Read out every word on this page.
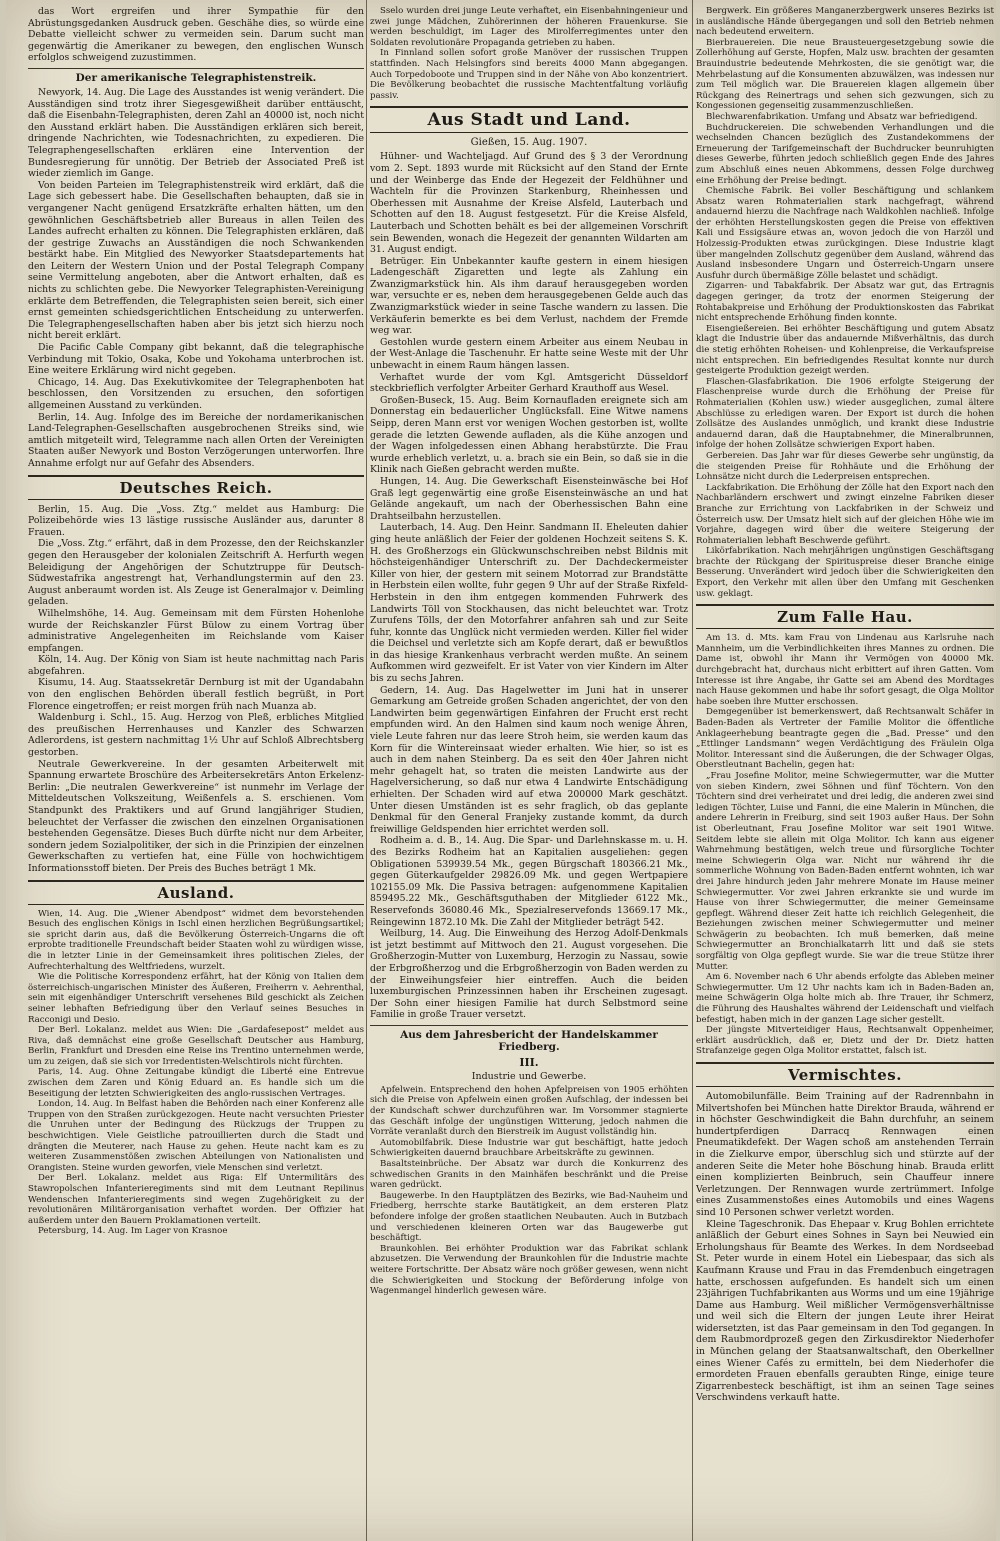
das Wort ergreifen und ihrer Sympathie für den Abrüstungsgedanken Ausdruck geben. Geschähe dies, so würde eine Debatte vielleicht schwer zu vermeiden sein. Darum sucht man gegenwärtig die Amerikaner zu bewegen, den englischen Wunsch erfolglos schweigend zuzustimmen.

Der amerikanische Telegraphistenstreik.

Newyork, 14. Aug. Die Lage des Ausstandes ist wenig verändert. Die Ausständigen sind trotz ihrer Siegesgewißheit darüber enttäuscht, daß die Eisenbahn-Telegraphisten, deren Zahl an 40000 ist, noch nicht den Ausstand erklärt haben. Die Ausständigen erklären sich bereit, dringende Nachrichten, wie Todesnachrichten, zu expedieren. Die Telegraphengesellschaften erklären eine Intervention der Bundesregierung für unnötig. Der Betrieb der Associated Preß ist wieder ziemlich im Gange.

Von beiden Parteien im Telegraphistenstreik wird erklärt, daß die Lage sich gebessert habe. Die Gesellschaften behaupten, daß sie in vergangener Nacht genügend Ersatzkräfte erhalten hätten, um den gewöhnlichen Geschäftsbetrieb aller Bureaus in allen Teilen des Landes aufrecht erhalten zu können. Die Telegraphisten erklären, daß der gestrige Zuwachs an Ausständigen die noch Schwankenden bestärkt habe. Ein Mitglied des Newyorker Staatsdepartements hat den Leitern der Western Union und der Postal Telegraph Company seine Vermittelung angeboten, aber die Antwort erhalten, daß es nichts zu schlichten gebe. Die Newyorker Telegraphisten-Vereinigung erklärte dem Betreffenden, die Telegraphisten seien bereit, sich einer ernst gemeinten schiedsgerichtlichen Entscheidung zu unterwerfen. Die Telegraphengesellschaften haben aber bis jetzt sich hierzu noch nicht bereit erklärt.

Die Pacific Cable Company gibt bekannt, daß die telegraphische Verbindung mit Tokio, Osaka, Kobe und Yokohama unterbrochen ist. Eine weitere Erklärung wird nicht gegeben.

Chicago, 14. Aug. Das Exekutivkomitee der Telegraphenboten hat beschlossen, den Vorsitzenden zu ersuchen, den sofortigen allgemeinen Ausstand zu verkünden.

Berlin, 14. Aug. Infolge des im Bereiche der nordamerikanischen Land-Telegraphen-Gesellschaften ausgebrochenen Streiks sind, wie amtlich mitgeteilt wird, Telegramme nach allen Orten der Vereinigten Staaten außer Newyork und Boston Verzögerungen unterworfen. Ihre Annahme erfolgt nur auf Gefahr des Absenders.

Deutsches Reich.

Berlin, 15. Aug. Die „Voss. Ztg.“ meldet aus Hamburg: Die Polizeibehörde wies 13 lästige russische Ausländer aus, darunter 8 Frauen.

Die „Voss. Ztg.“ erfährt, daß in dem Prozesse, den der Reichskanzler gegen den Herausgeber der kolonialen Zeitschrift A. Herfurth wegen Beleidigung der Angehörigen der Schutztruppe für Deutsch-Südwestafrika angestrengt hat, Verhandlungstermin auf den 23. August anberaumt worden ist. Als Zeuge ist Generalmajor v. Deimling geladen.

Wilhelmshöhe, 14. Aug. Gemeinsam mit dem Fürsten Hohenlohe wurde der Reichskanzler Fürst Bülow zu einem Vortrag über administrative Angelegenheiten im Reichslande vom Kaiser empfangen.

Köln, 14. Aug. Der König von Siam ist heute nachmittag nach Paris abgefahren.

Kisumu, 14. Aug. Staatssekretär Dernburg ist mit der Ugandabahn von den englischen Behörden überall festlich begrüßt, in Port Florence eingetroffen; er reist morgen früh nach Muanza ab.

Waldenburg i. Schl., 15. Aug. Herzog von Pleß, erbliches Mitglied des preußischen Herrenhauses und Kanzler des Schwarzen Adlerordens, ist gestern nachmittag 1½ Uhr auf Schloß Albrechtsberg gestorben.

Neutrale Gewerkvereine. In der gesamten Arbeiterwelt mit Spannung erwartete Broschüre des Arbeitersekretärs Anton Erkelenz-Berlin: „Die neutralen Gewerkvereine“ ist nunmehr im Verlage der Mitteldeutschen Volkszeitung, Weißenfels a. S. erschienen. Vom Standpunkt des Praktikers und auf Grund langjähriger Studien, beleuchtet der Verfasser die zwischen den einzelnen Organisationen bestehenden Gegensätze. Dieses Buch dürfte nicht nur dem Arbeiter, sondern jedem Sozialpolitiker, der sich in die Prinzipien der einzelnen Gewerkschaften zu vertiefen hat, eine Fülle von hochwichtigem Informationsstoff bieten. Der Preis des Buches beträgt 1 Mk.

Ausland.

Wien, 14. Aug. Die „Wiener Abendpost“ widmet dem bevorstehenden Besuch des englischen Königs in Ischl einen herzlichen Begrüßungsartikel; sie spricht darin aus, daß die Bevölkerung Österreich-Ungarns die oft erprobte traditionelle Freundschaft beider Staaten wohl zu würdigen wisse, die in letzter Linie in der Gemeinsamkeit ihres politischen Zieles, der Aufrechterhaltung des Weltfriedens, wurzelt.

Wie die Politische Korrespondenz erfährt, hat der König von Italien dem österreichisch-ungarischen Minister des Äußeren, Freiherrn v. Aehrenthal, sein mit eigenhändiger Unterschrift versehenes Bild geschickt als Zeichen seiner lebhaften Befriedigung über den Verlauf seines Besuches in Racconigi und Desio.

Der Berl. Lokalanz. meldet aus Wien: Die „Gardafesepost“ meldet aus Riva, daß demnächst eine große Gesellschaft Deutscher aus Hamburg, Berlin, Frankfurt und Dresden eine Reise ins Trentino unternehmen werde, um zu zeigen, daß sie sich vor Irredentisten-Welschtirols nicht fürchten.

Paris, 14. Aug. Ohne Zeitungabe kündigt die Liberté eine Entrevue zwischen dem Zaren und König Eduard an. Es handle sich um die Beseitigung der letzten Schwierigkeiten des anglo-russischen Vertrages.

London, 14. Aug. In Belfast haben die Behörden nach einer Konferenz alle Truppen von den Straßen zurückgezogen. Heute nacht versuchten Priester die Unruhen unter der Bedingung des Rückzugs der Truppen zu beschwichtigen. Viele Geistliche patrouillierten durch die Stadt und drängten die Meuterer, nach Hause zu gehen. Heute nacht kam es zu weiteren Zusammenstößen zwischen Abteilungen von Nationalisten und Orangisten. Steine wurden geworfen, viele Menschen sind verletzt.

Der Berl. Lokalanz. meldet aus Riga: Elf Untermilitärs des Stawropolschen Infanterieregiments sind mit dem Leutnant Repilinus Wendenschen Infanterieregiments sind wegen Zugehörigkeit zu der revolutionären Militärorganisation verhaftet worden. Der Offizier hat außerdem unter den Bauern Proklamationen verteilt.

Petersburg, 14. Aug. Im Lager von Krasnoe

Sselo wurden drei junge Leute verhaftet, ein Eisenbahningenieur und zwei junge Mädchen, Zuhörerinnen der höheren Frauenkurse. Sie werden beschuldigt, im Lager des Mirolferregimentes unter den Soldaten revolutionäre Propaganda getrieben zu haben.

In Finnland sollen sofort große Manöver der russischen Truppen stattfinden. Nach Helsingfors sind bereits 4000 Mann abgegangen. Auch Torpedoboote und Truppen sind in der Nähe von Abo konzentriert. Die Bevölkerung beobachtet die russische Machtentfaltung vorläufig passiv.

Aus Stadt und Land.
Gießen, 15. Aug. 1907.

Hühner- und Wachteljagd. Auf Grund des § 3 der Verordnung vom 2. Sept. 1893 wurde mit Rücksicht auf den Stand der Ernte und der Weinberge das Ende der Hegezeit der Feldhühner und Wachteln für die Provinzen Starkenburg, Rheinhessen und Oberhessen mit Ausnahme der Kreise Alsfeld, Lauterbach und Schotten auf den 18. August festgesetzt. Für die Kreise Alsfeld, Lauterbach und Schotten behält es bei der allgemeinen Vorschrift sein Bewenden, wonach die Hegezeit der genannten Wildarten am 31. August endigt.

Betrüger. Ein Unbekannter kaufte gestern in einem hiesigen Ladengeschäft Zigaretten und legte als Zahlung ein Zwanzigmarkstück hin. Als ihm darauf herausgegeben worden war, versuchte er es, neben dem herausgegebenen Gelde auch das Zwanzigmarkstück wieder in seine Tasche wandern zu lassen. Die Verkäuferin bemerkte es bei dem Verlust, nachdem der Fremde weg war.

Gestohlen wurde gestern einem Arbeiter aus einem Neubau in der West-Anlage die Taschenuhr. Er hatte seine Weste mit der Uhr unbewacht in einem Raum hängen lassen.

Verhaftet wurde der vom Kgl. Amtsgericht Düsseldorf steckbrieflich verfolgter Arbeiter Gerhard Krauthoff aus Wesel.

Großen-Buseck, 15. Aug. Beim Kornaufladen ereignete sich am Donnerstag ein bedauerlicher Unglücksfall. Eine Witwe namens Seipp, deren Mann erst vor wenigen Wochen gestorben ist, wollte gerade die letzten Gewende aufladen, als die Kühe anzogen und der Wagen infolgedessen einen Abhang herabstürzte. Die Frau wurde erheblich verletzt, u. a. brach sie ein Bein, so daß sie in die Klinik nach Gießen gebracht werden mußte.

Hungen, 14. Aug. Die Gewerkschaft Eisensteinwäsche bei Hof Graß legt gegenwärtig eine große Eisensteinwäsche an und hat Gelände angekauft, um nach der Oberhessischen Bahn eine Drahtseilbahn herzustellen.

Lauterbach, 14. Aug. Den Heinr. Sandmann II. Eheleuten dahier ging heute anläßlich der Feier der goldenen Hochzeit seitens S. K. H. des Großherzogs ein Glückwunschschreiben nebst Bildnis mit höchsteigenhändiger Unterschrift zu. Der Dachdeckermeister Killer von hier, der gestern mit seinem Motorrad zur Brandstätte in Herbstein eilen wollte, fuhr gegen 9 Uhr auf der Straße Rixfeld-Herbstein in den ihm entgegen kommenden Fuhrwerk des Landwirts Töll von Stockhausen, das nicht beleuchtet war. Trotz Zurufens Tölls, der den Motorfahrer anfahren sah und zur Seite fuhr, konnte das Unglück nicht vermieden werden. Killer fiel wider die Deichsel und verletzte sich am Kopfe derart, daß er bewußtlos in das hiesige Krankenhaus verbracht werden mußte. An seinem Aufkommen wird gezweifelt. Er ist Vater von vier Kindern im Alter bis zu sechs Jahren.

Gedern, 14. Aug. Das Hagelwetter im Juni hat in unserer Gemarkung am Getreide großen Schaden angerichtet, der von den Landwirten beim gegenwärtigen Einfahren der Frucht erst recht empfunden wird. An den Halmen sind kaum noch wenige Ähren, viele Leute fahren nur das leere Stroh heim, sie werden kaum das Korn für die Wintereinsaat wieder erhalten. Wie hier, so ist es auch in dem nahen Steinberg. Da es seit den 40er Jahren nicht mehr gehagelt hat, so traten die meisten Landwirte aus der Hagelversicherung, so daß nur etwa 4 Landwirte Entschädigung erhielten. Der Schaden wird auf etwa 200000 Mark geschätzt. Unter diesen Umständen ist es sehr fraglich, ob das geplante Denkmal für den General Franjeky zustande kommt, da durch freiwillige Geldspenden hier errichtet werden soll.

Rodheim a. d. B., 14. Aug. Die Spar- und Darlehnskasse m. u. H. des Bezirks Rodheim hat an Kapitalien ausgeliehen: gegen Obligationen 539939.54 Mk., gegen Bürgschaft 180366.21 Mk., gegen Güterkaufgelder 29826.09 Mk. und gegen Wertpapiere 102155.09 Mk. Die Passiva betragen: aufgenommene Kapitalien 859495.22 Mk., Geschäftsguthaben der Mitglieder 6122 Mk., Reservefonds 36080.46 Mk., Spezialreservefonds 13669.17 Mk., Reingewinn 1872.10 Mk. Die Zahl der Mitglieder beträgt 542.

Weilburg, 14. Aug. Die Einweihung des Herzog Adolf-Denkmals ist jetzt bestimmt auf Mittwoch den 21. August vorgesehen. Die Großherzogin-Mutter von Luxemburg, Herzogin zu Nassau, sowie der Erbgroßherzog und die Erbgroßherzogin von Baden werden zu der Einweihungsfeier hier eintreffen. Auch die beiden luxemburgischen Prinzessinnen haben ihr Erscheinen zugesagt. Der Sohn einer hiesigen Familie hat durch Selbstmord seine Familie in große Trauer versetzt.

Aus dem Jahresbericht der Handelskammer Friedberg.
III.
Industrie und Gewerbe.

Apfelwein. Entsprechend den hohen Apfelpreisen von 1905 erhöhten sich die Preise von Apfelwein einen großen Aufschlag, der indessen bei der Kundschaft schwer durchzuführen war. Im Vorsommer stagnierte das Geschäft infolge der ungünstigen Witterung, jedoch nahmen die Vorräte veranlaßt durch den Bierstreik im August vollständig hin.

Automobilfabrik. Diese Industrie war gut beschäftigt, hatte jedoch Schwierigkeiten dauernd brauchbare Arbeitskräfte zu gewinnen.

Basaltsteinbrüche. Der Absatz war durch die Konkurrenz des schwedischen Granits in den Mainhäfen beschränkt und die Preise waren gedrückt.

Baugewerbe. In den Hauptplätzen des Bezirks, wie Bad-Nauheim und Friedberg, herrschte starke Bautätigkeit, an dem ersteren Platz befondere infolge der großen staatlichen Neubauten. Auch in Butzbach und verschiedenen kleineren Orten war das Baugewerbe gut beschäftigt.

Braunkohlen. Bei erhöhter Produktion war das Fabrikat schlank abzusetzen. Die Verwendung der Braunkohlen für die Industrie machte weitere Fortschritte. Der Absatz wäre noch größer gewesen, wenn nicht die Schwierigkeiten und Stockung der Beförderung infolge von Wagenmangel hinderlich gewesen wäre.

Bergwerk. Ein größeres Manganerzbergwerk unseres Bezirks ist in ausländische Hände übergegangen und soll den Betrieb nehmen nach bedeutend erweitern.

Bierbrauereien. Die neue Brausteuergesetzgebung sowie die Zollerhöhung auf Gerste, Hopfen, Malz usw. brachten der gesamten Brauindustrie bedeutende Mehrkosten, die sie genötigt war, die Mehrbelastung auf die Konsumenten abzuwälzen, was indessen nur zum Teil möglich war. Die Brauereien klagen allgemein über Rückgang des Reinertrags und sehen sich gezwungen, sich zu Kongessionen gegenseitig zusammenzuschließen.

Blechwarenfabrikation. Umfang und Absatz war befriedigend.

Buchdruckereien. Die schwebenden Verhandlungen und die wechselnden Chancen bezüglich des Zustandekommens der Erneuerung der Tarifgemeinschaft der Buchdrucker beunruhigten dieses Gewerbe, führten jedoch schließlich gegen Ende des Jahres zum Abschluß eines neuen Abkommens, dessen Folge durchweg eine Erhöhung der Preise bedingt.

Chemische Fabrik. Bei voller Beschäftigung und schlankem Absatz waren Rohmaterialien stark nachgefragt, während andauernd hierzu die Nachfrage nach Waldkohlen nachließ. Infolge der erhöhten Herstellungskosten gegen die Preise von effektiven Kali und Essigsäure etwas an, wovon jedoch die von Harzöl und Holzessig-Produkten etwas zurückgingen. Diese Industrie klagt über mangelnden Zollschutz gegenüber dem Ausland, während das Ausland insbesondere Ungarn und Österreich-Ungarn unsere Ausfuhr durch übermäßige Zölle belastet und schädigt.

Zigarren- und Tabakfabrik. Der Absatz war gut, das Ertragnis dagegen geringer, da trotz der enormen Steigerung der Rohtabakpreise und Erhöhung der Produktionskosten das Fabrikat nicht entsprechende Erhöhung finden konnte.

Eisengießereien. Bei erhöhter Beschäftigung und gutem Absatz klagt die Industrie über das andauernde Mißverhältnis, das durch die stetig erhöhten Roheisen- und Kohlenpreise, die Verkaufspreise nicht entsprechen. Ein befriedigendes Resultat konnte nur durch gesteigerte Produktion gezeigt werden.

Flaschen-Glasfabrikation. Die 1906 erfolgte Steigerung der Flaschenpreise wurde durch die Erhöhung der Preise für Rohmaterialien (Kohlen usw.) wieder ausgeglichen, zumal ältere Abschlüsse zu erledigen waren. Der Export ist durch die hohen Zollsätze des Auslandes unmöglich, und krankt diese Industrie andauernd daran, daß die Hauptabnehmer, die Mineralbrunnen, infolge der hohen Zollsätze schwierigen Export haben.

Gerbereien. Das Jahr war für dieses Gewerbe sehr ungünstig, da die steigenden Preise für Rohhäute und die Erhöhung der Lohnsätze nicht durch die Lederpreisen entsprechen.

Lackfabrikation. Die Erhöhung der Zölle hat den Export nach den Nachbarländern erschwert und zwingt einzelne Fabriken dieser Branche zur Errichtung von Lackfabriken in der Schweiz und Österreich usw. Der Umsatz hielt sich auf der gleichen Höhe wie im Vorjahre, dagegen wird über die weitere Steigerung der Rohmaterialien lebhaft Beschwerde geführt.

Likörfabrikation. Nach mehrjährigen ungünstigen Geschäftsgang brachte der Rückgang der Spirituspreise dieser Branche einige Besserung. Unverändert wird jedoch über die Schwierigkeiten den Export, den Verkehr mit allen über den Umfang mit Geschenken usw. geklagt.

Zum Falle Hau.

Am 13. d. Mts. kam Frau von Lindenau aus Karlsruhe nach Mannheim, um die Verbindlichkeiten ihres Mannes zu ordnen. Die Dame ist, obwohl ihr Mann ihr Vermögen von 40000 Mk. durchgebracht hat, durchaus nicht erbittert auf ihren Gatten. Vom Interesse ist ihre Angabe, ihr Gatte sei am Abend des Mordtages nach Hause gekommen und habe ihr sofort gesagt, die Olga Molitor habe soeben ihre Mutter erschossen.

Demgegenüber ist bemerkenswert, daß Rechtsanwalt Schäfer in Baden-Baden als Vertreter der Familie Molitor die öffentliche Anklageerhebung beantragte gegen die „Bad. Presse“ und den „Ettlinger Landsmann“ wegen Verdächtigung des Fräulein Olga Molitor. Interessant sind die Äußerungen, die der Schwager Olgas, Oberstleutnant Bachelin, gegen hat:

„Frau Josefine Molitor, meine Schwiegermutter, war die Mutter von sieben Kindern, zwei Söhnen und fünf Töchtern. Von den Töchtern sind drei verheiratet und drei ledig, die anderen zwei sind ledigen Töchter, Luise und Fanni, die eine Malerin in München, die andere Lehrerin in Freiburg, sind seit 1903 außer Haus. Der Sohn ist Oberleutnant, Frau Josefine Molitor war seit 1901 Witwe. Seitdem lebte sie allein mit Olga Molitor. Ich kann aus eigener Wahrnehmung bestätigen, welch treue und fürsorgliche Tochter meine Schwiegerin Olga war. Nicht nur während ihr die sommerliche Wohnung von Baden-Baden entfernt wohnten, ich war drei Jahre hindurch jeden Jahr mehrere Monate im Hause meiner Schwiegermutter. Vor zwei Jahren erkrankte sie und wurde im Hause von ihrer Schwiegermutter, die meiner Gemeinsame gepflegt. Während dieser Zeit hatte ich reichlich Gelegenheit, die Beziehungen zwischen meiner Schwiegermutter und meiner Schwägerin zu beobachten. Ich muß bemerken, daß meine Schwiegermutter an Bronchialkatarrh litt und daß sie stets sorgfältig von Olga gepflegt wurde. Sie war die treue Stütze ihrer Mutter.

Am 6. November nach 6 Uhr abends erfolgte das Ableben meiner Schwiegermutter. Um 12 Uhr nachts kam ich in Baden-Baden an, meine Schwägerin Olga holte mich ab. Ihre Trauer, ihr Schmerz, die Führung des Haushaltes während der Leidenschaft und vielfach befestigt, haben mich in der ganzen Lage sicher gestellt.

Der jüngste Mitverteidiger Haus, Rechtsanwalt Oppenheimer, erklärt ausdrücklich, daß er, Dietz und der Dr. Dietz hatten Strafanzeige gegen Olga Molitor erstattet, falsch ist.

Vermischtes.

Automobilunfälle. Beim Training auf der Radrennbahn in Milvertshofen bei München hatte Direktor Brauda, während er in höchster Geschwindigkeit die Bahn durchfuhr, an seinem hundertpferdigen Darracq Rennwagen einen Pneumatikdefekt. Der Wagen schoß am anstehenden Terrain in die Zielkurve empor, überschlug sich und stürzte auf der anderen Seite die Meter hohe Böschung hinab. Brauda erlitt einen komplizierten Beinbruch, sein Chauffeur innere Verletzungen. Der Rennwagen wurde zertrümmert. Infolge eines Zusammenstoßes eines Automobils und eines Wagens sind 10 Personen schwer verletzt worden.

Kleine Tageschronik. Das Ehepaar v. Krug Bohlen errichtete anläßlich der Geburt eines Sohnes in Sayn bei Neuwied ein Erholungshaus für Beamte des Werkes. In dem Nordseebad St. Peter wurde in einem Hotel ein Liebespaar, das sich als Kaufmann Krause und Frau in das Fremdenbuch eingetragen hatte, erschossen aufgefunden. Es handelt sich um einen 23jährigen Tuchfabrikanten aus Worms und um eine 19jährige Dame aus Hamburg. Weil mißlicher Vermögensverhältnisse und weil sich die Eltern der jungen Leute ihrer Heirat widersetzten, ist das Paar gemeinsam in den Tod gegangen. In dem Raubmordprozeß gegen den Zirkusdirektor Niederhofer in München gelang der Staatsanwaltschaft, den Oberkellner eines Wiener Cafés zu ermitteln, bei dem Niederhofer die ermordeten Frauen ebenfalls geraubten Ringe, einige teure Zigarrenbesteck beschäftigt, ist ihm an seinen Tage seines Verschwindens verkauft hatte.
